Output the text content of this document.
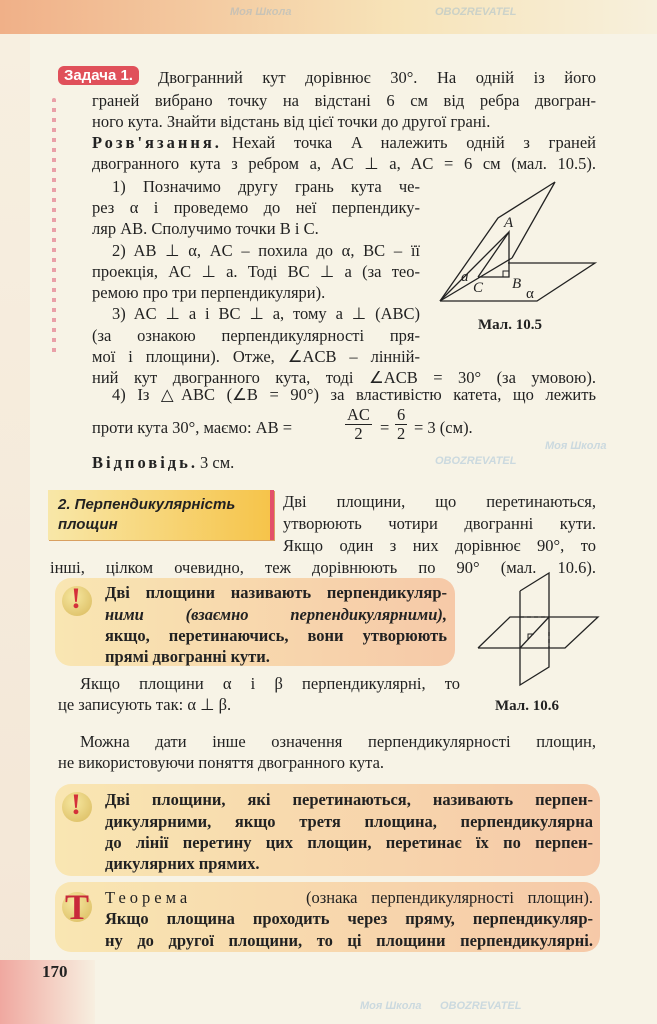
Моя Школа	OBOZREVATEL
Моя Школа
OBOZREVATEL
Моя Школа OBOZREVATEL
Задача 1.	Двогранний кут дорівнює 30°. На одній із його
граней вибрано точку на відстані 6 см від ребра двогран-
ного кута. Знайти відстань від цієї точки до другої грані.
Розв'язання. Нехай точка A належить одній з граней
двогранного кута з ребром a, AC ⊥ a, AC = 6 см (мал. 10.5).
1) Позначимо другу грань кута че-
рез α і проведемо до неї перпендику-
ляр AB. Сполучимо точки B і C.
2) AB ⊥ α, AC – похила до α, BC – її
проекція, AC ⊥ a. Тоді BC ⊥ a (за тео-
ремою про три перпендикуляри).
3) AC ⊥ a і BC ⊥ a, тому a ⊥ (ABC)
(за ознакою перпендикулярності пря-
мої і площини). Отже, ∠ACB – лінній-
ний кут двогранного кута, тоді ∠ACB = 30° (за умовою).
4) Із △ABC (∠B = 90°) за властивістю катета, що лежить
проти кута 30°, маємо: AB =	$\frac{AC}{2} = \frac{6}{2} = 3$ (см).
Відповідь. 3 см.
A
B
C
a
α
Мал. 10.5
2. Перпендикулярність
площин
Дві площини, що перетинаються,
утворюють чотири двогранні кути.
Якщо один з них дорівнює 90°, то
інші, цілком очевидно, теж дорівнюють по 90° (мал. 10.6).
! Дві площини називають перпендикуляр-
ними (взаємно перпендикулярними),
якщо, перетинаючись, вони утворюють
прямі двогранні кути.
Мал. 10.6
Якщо площини α і β перпендикулярні, то
це записують так: α ⊥ β.
Можна дати інше означення перпендикулярності площин,
не використовуючи поняття двогранного кута.
! Дві площини, які перетинаються, називають перпен-
дикулярними, якщо третя площина, перпендикулярна
до лінії перетину цих площин, перетинає їх по перпен-
дикулярних прямих.
T Теорема	(ознака перпендикулярності площин).
Якщо площина проходить через пряму, перпендикуляр-
ну до другої площини, то ці площини перпендикулярні.
170
